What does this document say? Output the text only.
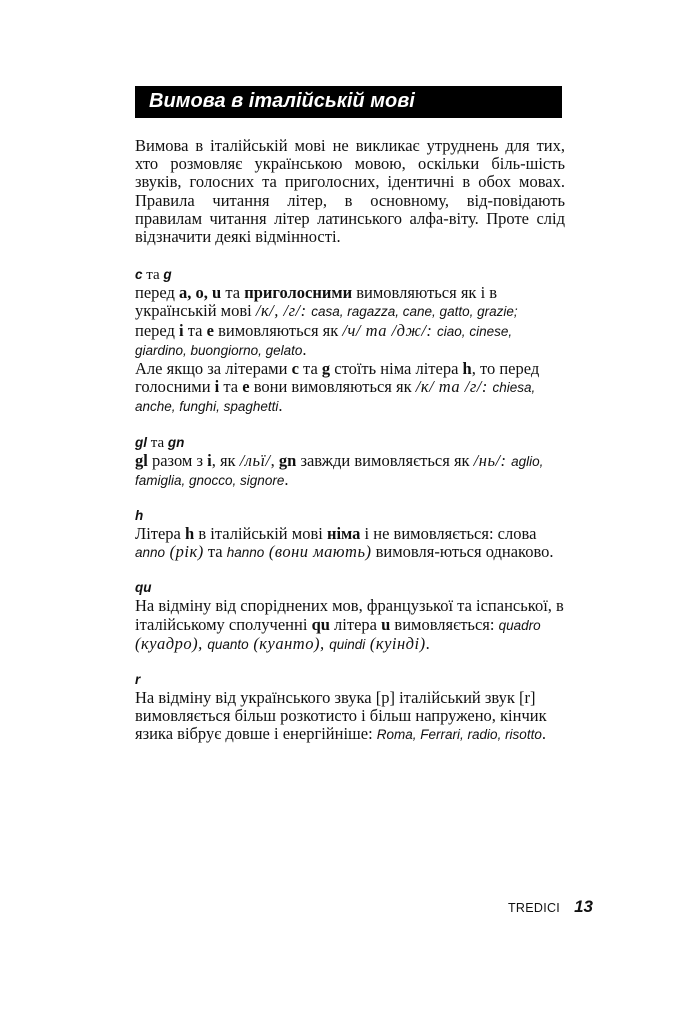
Вимова в італійській мові

Вимова в італійській мові не викликає утруднень для тих, хто розмовляє українською мовою, оскільки біль-шість звуків, голосних та приголосних, ідентичні в обох мовах. Правила читання літер, в основному, від-повідають правилам читання літер латинського алфа-віту. Проте слід відзначити деякі відмінності.

c та g

перед a, o, u та приголосними вимовляються як і в українській мові /к/, /г/: casa, ragazza, cane, gatto, grazie;

перед i та e вимовляються як /ч/ та /дж/: ciao, cinese, giardino, buongiorno, gelato.

Але якщо за літерами c та g стоїть німа літера h, то перед голосними i та e вони вимовляються як /к/ та /г/: chiesa, anche, funghi, spaghetti.

gl та gn

gl разом з i, як /льї/, gn завжди вимовляється як /нь/: aglio, famiglia, gnocco, signore.

h

Літера h в італійській мові німа і не вимовляється: слова anno (рік) та hanno (вони мають) вимовля-ються однаково.

qu

На відміну від споріднених мов, французької та іспанської, в італійському сполученні qu літера u вимовляється: quadro (куадро), quanto (куанто), quindi (куінді).

r

На відміну від українського звука [р] італійський звук [r] вимовляється більш розкотисто і більш напружено, кінчик язика вібрує довше і енергійніше: Roma, Ferrari, radio, risotto.

TREDICI 13
